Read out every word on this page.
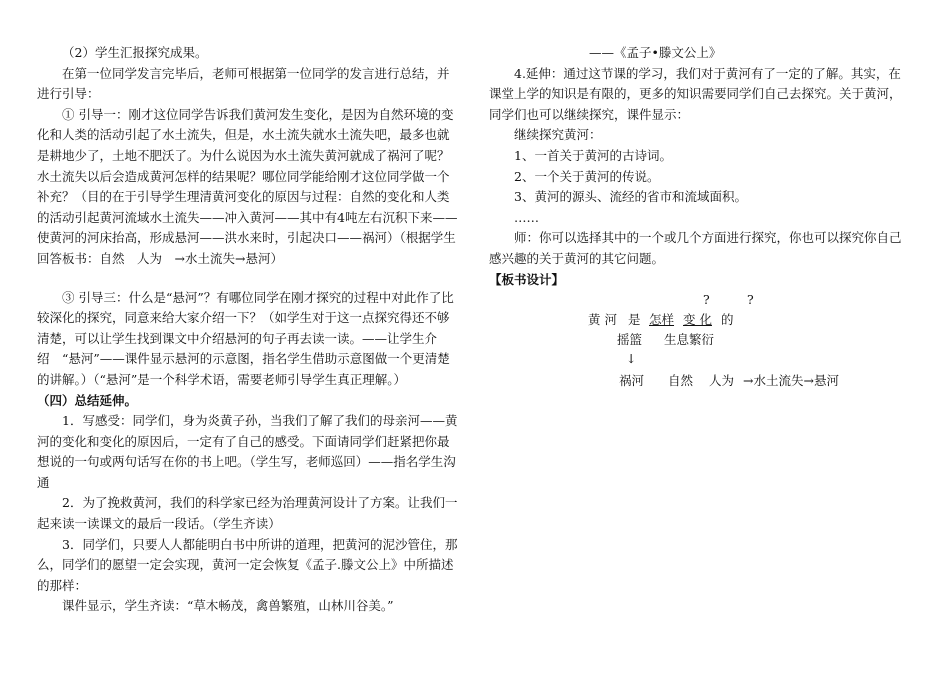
（2）学生汇报探究成果。

在第一位同学发言完毕后，老师可根据第一位同学的发言进行总结，并进行引导：

① 引导一：刚才这位同学告诉我们黄河发生变化，是因为自然环境的变化和人类的活动引起了水土流失，但是，水土流失就水土流失吧，最多也就是耕地少了，土地不肥沃了。为什么说因为水土流失黄河就成了祸河了呢？水土流失以后会造成黄河怎样的结果呢？哪位同学能给刚才这位同学做一个补充？（目的在于引导学生理清黄河变化的原因与过程：自然的变化和人类的活动引起黄河流域水土流失——冲入黄河——其中有4吨左右沉积下来——使黄河的河床抬高，形成悬河——洪水来时，引起决口——祸河）（根据学生回答板书：自然　人为　→水土流失→悬河）

③ 引导三：什么是“悬河”？有哪位同学在刚才探究的过程中对此作了比较深化的探究，同意来给大家介绍一下？（如学生对于这一点探究得还不够清楚，可以让学生找到课文中介绍悬河的句子再去读一读。——让学生介绍　“悬河”——课件显示悬河的示意图，指名学生借助示意图做一个更清楚的讲解。）（“悬河”是一个科学术语，需要老师引导学生真正理解。）

（四）总结延伸。

1．写感受：同学们，身为炎黄子孙，当我们了解了我们的母亲河——黄河的变化和变化的原因后，一定有了自己的感受。下面请同学们赶紧把你最想说的一句或两句话写在你的书上吧。（学生写，老师巡回）——指名学生沟通

2．为了挽救黄河，我们的科学家已经为治理黄河设计了方案。让我们一起来读一读课文的最后一段话。（学生齐读）

3．同学们，只要人人都能明白书中所讲的道理，把黄河的泥沙管住，那么，同学们的愿望一定会实现，黄河一定会恢复《孟子.滕文公上》中所描述的那样：

课件显示，学生齐读：“草木畅茂，禽兽繁殖，山林川谷美。”

——《孟子•滕文公上》

4.延伸：通过这节课的学习，我们对于黄河有了一定的了解。其实，在课堂上学的知识是有限的，更多的知识需要同学们自己去探究。关于黄河，同学们也可以继续探究，课件显示：

继续探究黄河：

1、一首关于黄河的古诗词。

2、一个关于黄河的传说。

3、黄河的源头、流经的省市和流域面积。

……

师：你可以选择其中的一个或几个方面进行探究，你也可以探究你自己感兴趣的关于黄河的其它问题。

【板书设计】

?	?
黄 河 是 怎样 变 化 的
摇篮 生息繁衍
↓
祸河 自然 人为 →水土流失→悬河
